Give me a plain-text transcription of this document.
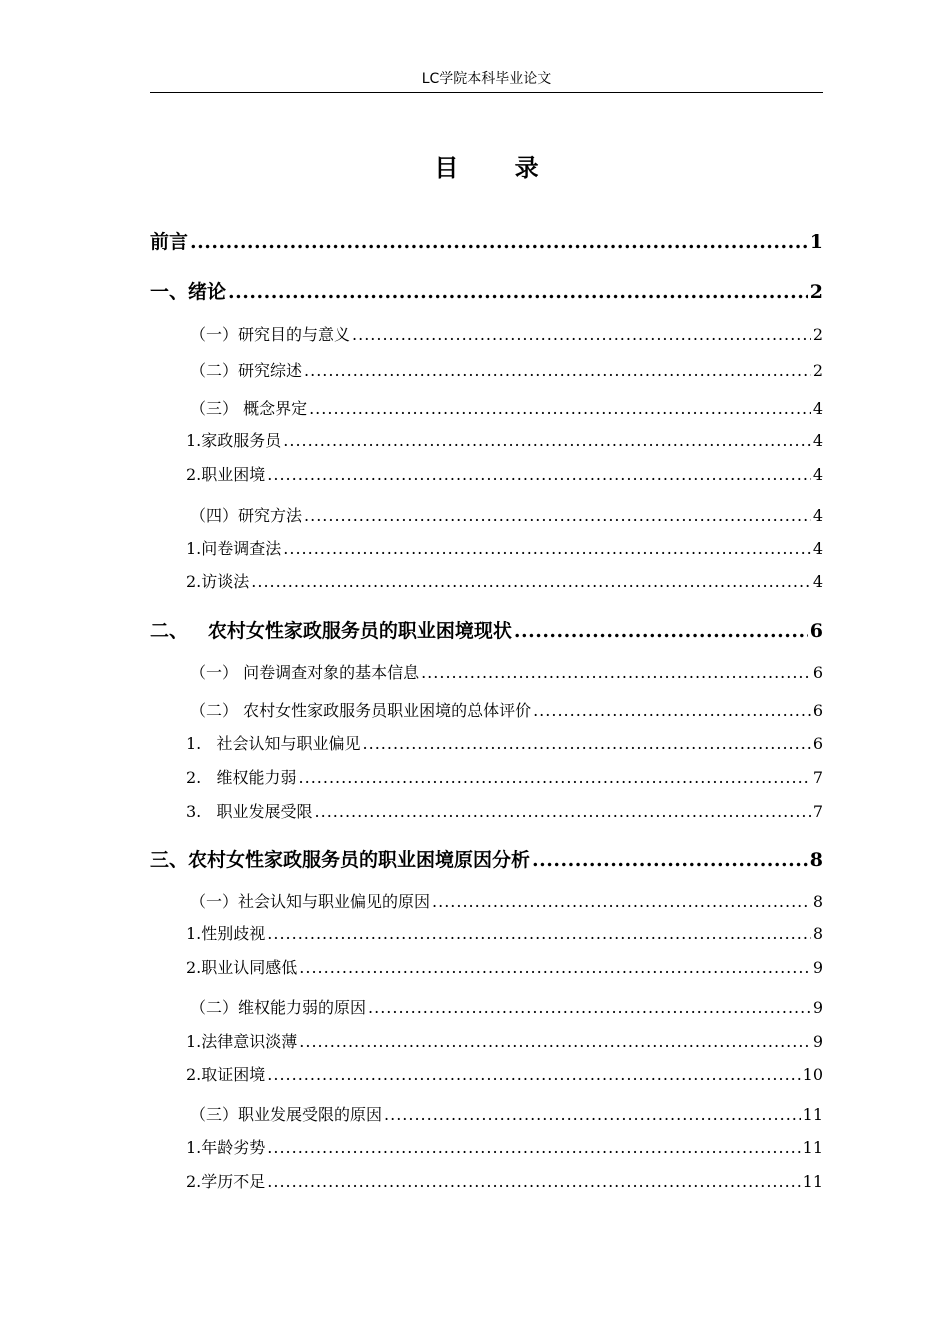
LC学院本科毕业论文
目 录
前言 .....	1
一、绪论 .....	2
（一）研究目的与意义 .....	2
（二）研究综述 .....	2
（三） 概念界定 .....	4
1.家政服务员 .....	4
2.职业困境 .....	4
（四）研究方法 .....	4
1.问卷调查法 .....	4
2.访谈法 .....	4
二、   农村女性家政服务员的职业困境现状 .....	6
（一） 问卷调查对象的基本信息 .....	6
（二） 农村女性家政服务员职业困境的总体评价 .....	6
1.   社会认知与职业偏见 .....	6
2.   维权能力弱 .....	7
3.   职业发展受限 .....	7
三、农村女性家政服务员的职业困境原因分析 .....	8
（一）社会认知与职业偏见的原因 .....	8
1.性别歧视 .....	8
2.职业认同感低 .....	9
（二）维权能力弱的原因 .....	9
1.法律意识淡薄 .....	9
2.取证困境 .....	10
（三）职业发展受限的原因 .....	11
1.年龄劣势 .....	11
2.学历不足 .....	11
